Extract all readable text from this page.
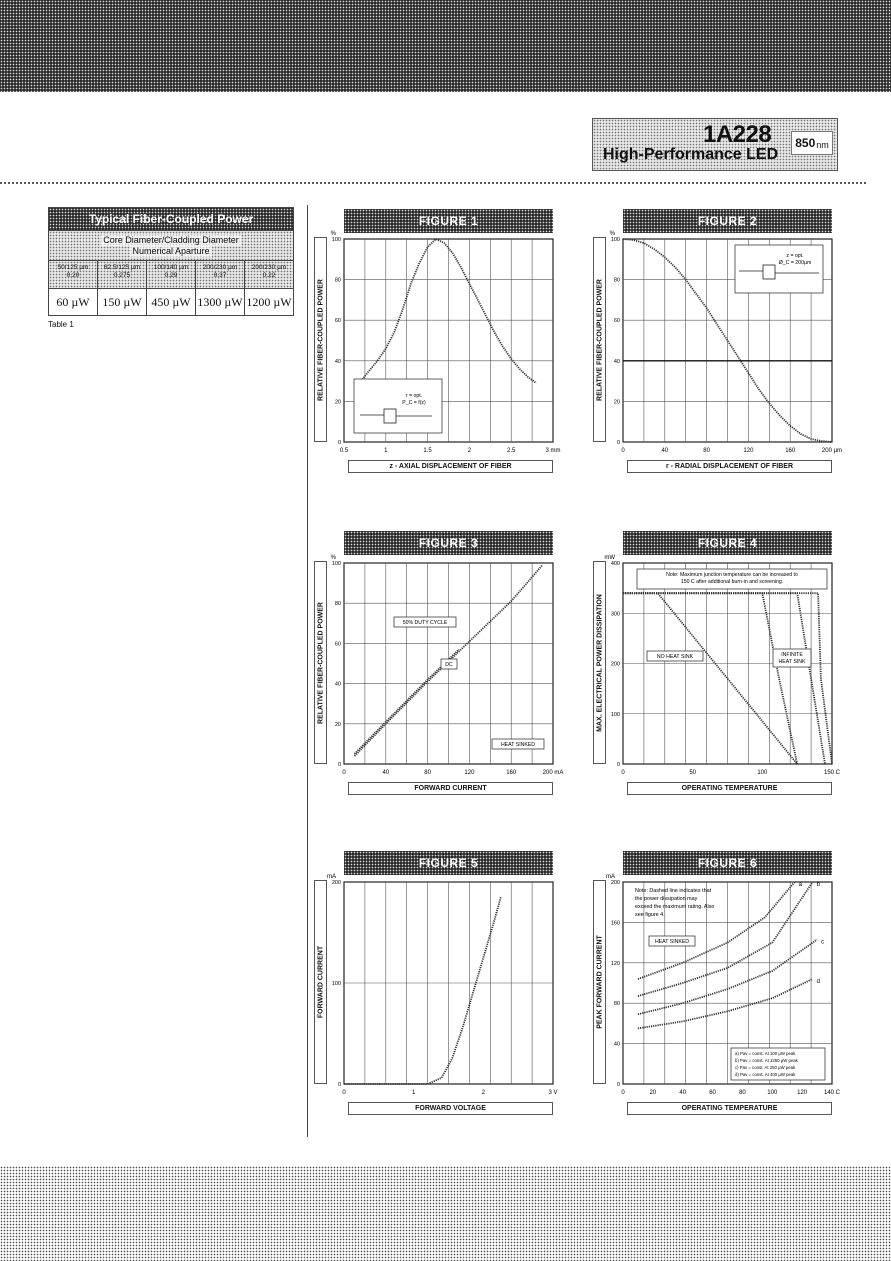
1A228
High-Performance LED
850 nm
Typical Fiber-Coupled Power
Core Diameter/Cladding Diameter
Numerical Aparture
50/125 µm
0.20
62.5/125 µm
0.275
100/140 µm
0.29
200/230 µm
0.37
200/230 µm
0.22
60 µW	150 µW 450 µW 1300 µW 1200 µW
Table 1
FIGURE 1
RELATIVE FIBER-COUPLED POWER
z - AXIAL DISPLACEMENT OF FIBER
0.5	1	1.5	2	2.5	3 mm
0
20
40
60
80
100
%
r = opt.
P_C = f(z)
FIGURE 2
RELATIVE FIBER-COUPLED POWER
r - RADIAL DISPLACEMENT OF FIBER
0	40	80	120	160	200 µm
0
20
40
60
80
100
%
z = opt.
Ø_C = 200µm
FIGURE 3
RELATIVE FIBER-COUPLED POWER
FORWARD CURRENT
0	40	80	120	160	200 mA
0
20
40
60
80
100
%
50% DUTY CYCLE
DC
HEAT SINKED
FIGURE 4
MAX. ELECTRICAL POWER DISSIPATION
OPERATING TEMPERATURE
0	50	100	150 C
0
100
200
300
400
mW
Note: Maximum junction temperature can be increased to
150 C after additional burn-in and screening.
NO HEAT SINK	INFINITE
HEAT SINK
FIGURE 5
FORWARD CURRENT
FORWARD VOLTAGE
0	1	2	3 V
0
100
200
mA
FIGURE 6
PEAK FORWARD CURRENT
OPERATING TEMPERATURE
0	20	40	60	80	100	120	140 C
0
40
80
120
160
200
mA
a b
c
d
Note: Dashed line indicates that
the power dissipation may
exceed the maximum rating. Also
see figure 4.
HEAT SINKED
a) Pav = const. At 100 µW peak
b) Pav = const. At 1250 µW peak
c) Pav = const. At 250 µW peak
d) Pav = const. At 400 µW peak
